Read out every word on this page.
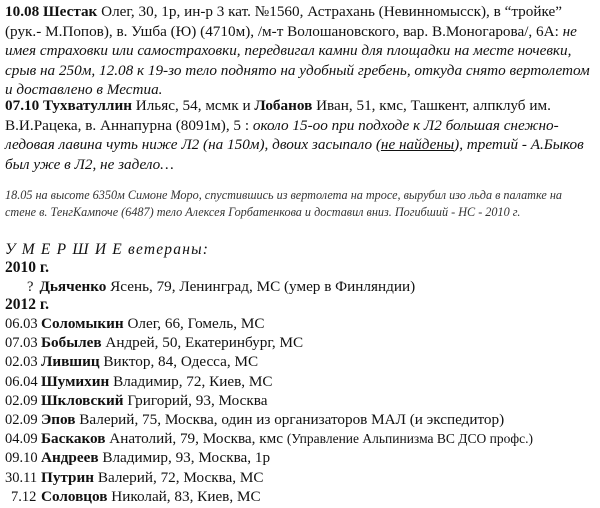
10.08 Шестак Олег, 30, 1р, ин-р 3 кат. №1560, Астрахань (Невинномысск), в “тройке” (рук.- М.Попов), в. Ушба (Ю) (4710м), /м-т Волошановского, вар. В.Моногарова/, 6А: не имея страховки или самостраховки, передвигал камни для площадки на месте ночевки, срыв на 250м, 12.08 к 19-зо тело поднято на удобный гребень, откуда снято вертолетом и доставлено в Местиа.
07.10 Тухватуллин Ильяс, 54, мсмк и Лобанов Иван, 51, кмс, Ташкент, алпклуб им. В.И.Рацека, в. Аннапурна (8091м), 5 : около 15-оо при подходе к Л2 большая снежно-ледовая лавина чуть ниже Л2 (на 150м), двоих засыпало (не найдены), третий - А.Быков был уже в Л2, не задело…
18.05 на высоте 6350м Симоне Моро, спустившись из вертолета на тросе, вырубил изо льда в палатке на стене в. ТенгКампоче (6487) тело Алексея Горбатенкова и доставил вниз. Погибший - НС - 2010 г.
У М Е Р Ш И Е ветераны:
2010 г.
2012 г.
? Дьяченко Ясень, 79, Ленинград, МС (умер в Финляндии)
06.03 Соломыкин Олег, 66, Гомель, МС
07.03 Бобылев Андрей, 50, Екатеринбург, МС
02.03 Лившиц Виктор, 84, Одесса, МС
06.04 Шумихин Владимир, 72, Киев, МС
02.09 Шкловский Григорий, 93, Москва
02.09 Эпов Валерий, 75, Москва, один из организаторов МАЛ (и экспедитор)
04.09 Баскаков Анатолий, 79, Москва, кмс (Управление Альпинизма ВС ДСО профс.)
09.10 Андреев Владимир, 93, Москва, 1р
30.11 Путрин Валерий, 72, Москва, МС
7.12 Соловцов Николай, 83, Киев, МС
